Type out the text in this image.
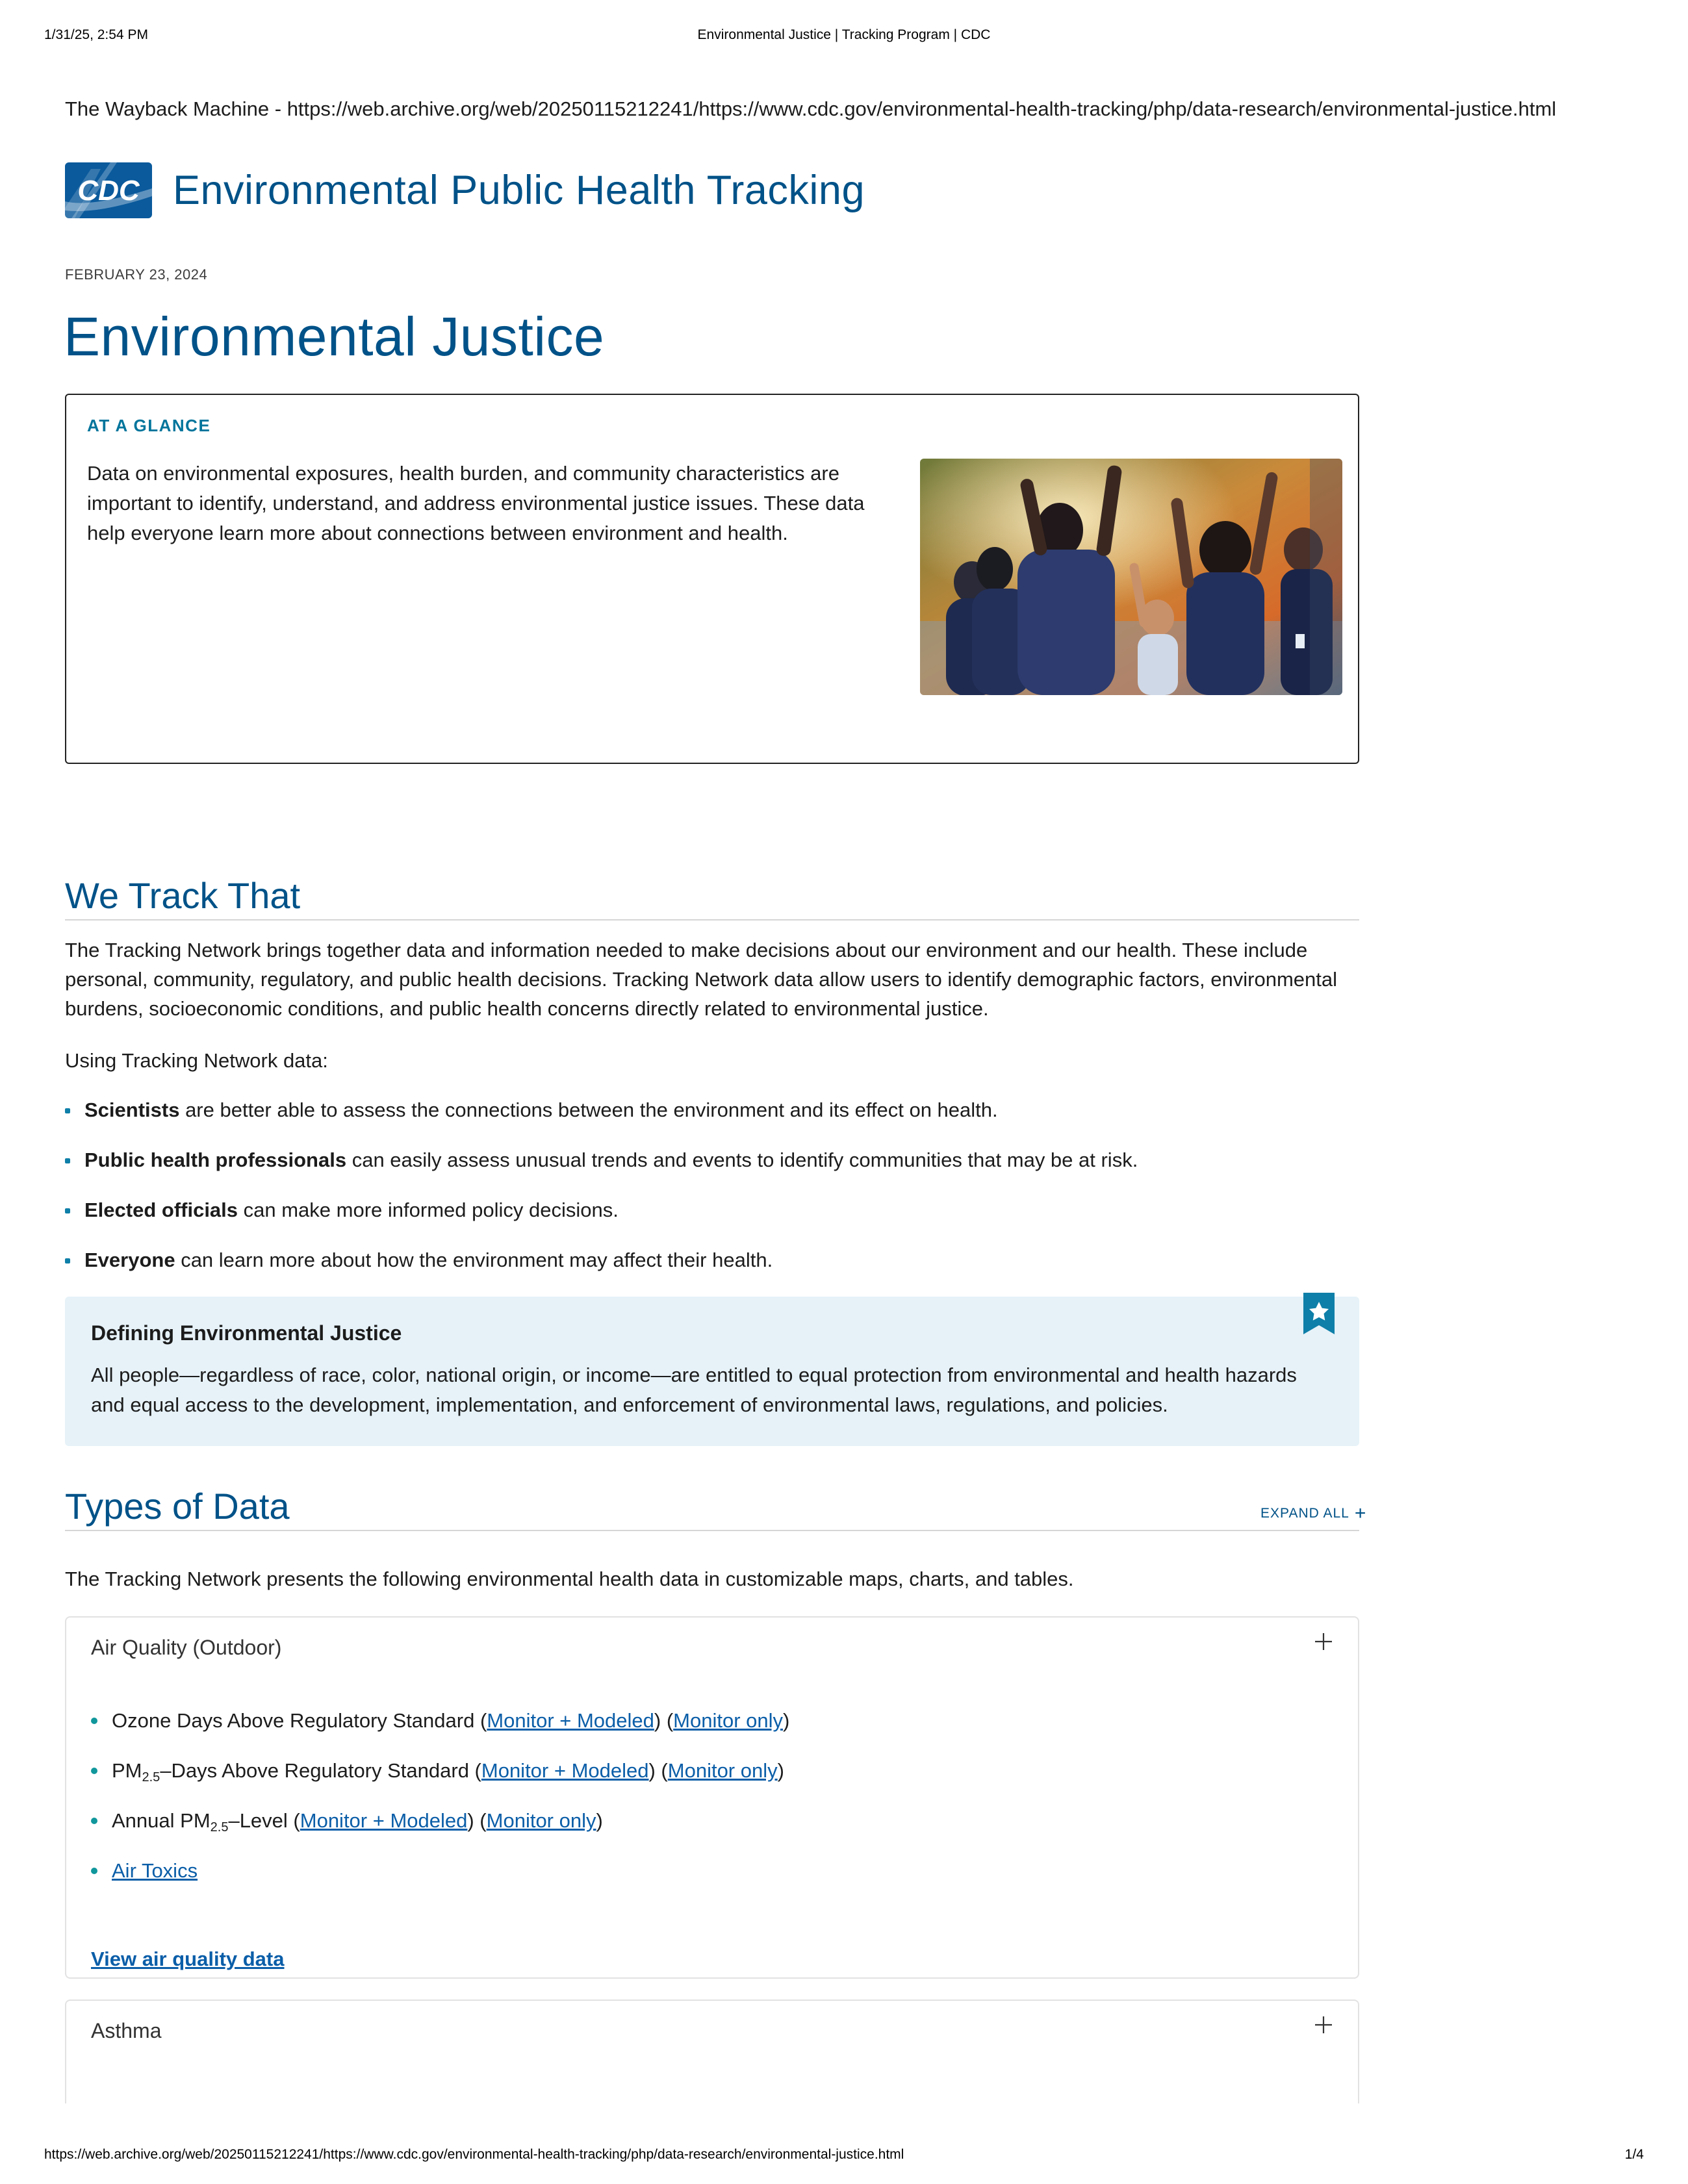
1/31/25, 2:54 PM	Environmental Justice | Tracking Program | CDC
The Wayback Machine - https://web.archive.org/web/20250115212241/https://www.cdc.gov/environmental-health-tracking/php/data-research/environmental-justice.html
CDC Environmental Public Health Tracking
FEBRUARY 23, 2024
Environmental Justice
AT A GLANCE
Data on environmental exposures, health burden, and community characteristics are important to identify, understand, and address environmental justice issues. These data help everyone learn more about connections between environment and health.
We Track That

The Tracking Network brings together data and information needed to make decisions about our environment and our health. These include personal, community, regulatory, and public health decisions. Tracking Network data allow users to identify demographic factors, environmental burdens, socioeconomic conditions, and public health concerns directly related to environmental justice.

Using Tracking Network data:

Scientists are better able to assess the connections between the environment and its effect on health.
Public health professionals can easily assess unusual trends and events to identify communities that may be at risk.
Elected officials can make more informed policy decisions.
Everyone can learn more about how the environment may affect their health.
Defining Environmental Justice
All people—regardless of race, color, national origin, or income—are entitled to equal protection from environmental and health hazards and equal access to the development, implementation, and enforcement of environmental laws, regulations, and policies.
Types of Data	EXPAND ALL +

The Tracking Network presents the following environmental health data in customizable maps, charts, and tables.

Air Quality (Outdoor)
Ozone Days Above Regulatory Standard (Monitor + Modeled) (Monitor only)
$PM_{2.5}$–Days Above Regulatory Standard (Monitor + Modeled) (Monitor only)
Annual $PM_{2.5}$–Level (Monitor + Modeled) (Monitor only)
Air Toxics
View air quality data
Asthma
https://web.archive.org/web/20250115212241/https://www.cdc.gov/environmental-health-tracking/php/data-research/environmental-justice.html	1/4
